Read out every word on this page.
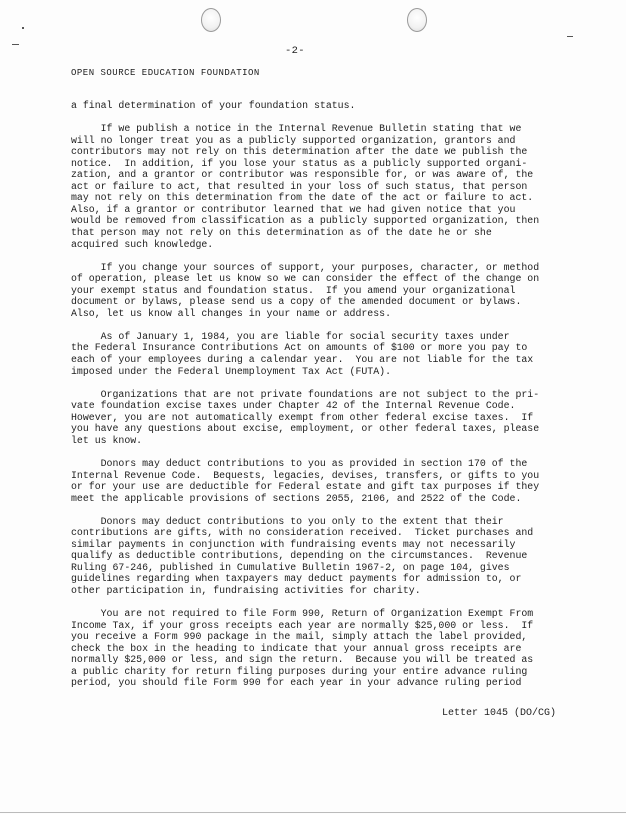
-2-
OPEN SOURCE EDUCATION FOUNDATION
a final determination of your foundation status.
If we publish a notice in the Internal Revenue Bulletin stating that we
will no longer treat you as a publicly supported organization, grantors and
contributors may not rely on this determination after the date we publish the
notice.  In addition, if you lose your status as a publicly supported organi-
zation, and a grantor or contributor was responsible for, or was aware of, the
act or failure to act, that resulted in your loss of such status, that person
may not rely on this determination from the date of the act or failure to act.
Also, if a grantor or contributor learned that we had given notice that you
would be removed from classification as a publicly supported organization, then
that person may not rely on this determination as of the date he or she
acquired such knowledge.
If you change your sources of support, your purposes, character, or method
of operation, please let us know so we can consider the effect of the change on
your exempt status and foundation status.  If you amend your organizational
document or bylaws, please send us a copy of the amended document or bylaws.
Also, let us know all changes in your name or address.
As of January 1, 1984, you are liable for social security taxes under
the Federal Insurance Contributions Act on amounts of $100 or more you pay to
each of your employees during a calendar year.  You are not liable for the tax
imposed under the Federal Unemployment Tax Act (FUTA).
Organizations that are not private foundations are not subject to the pri-
vate foundation excise taxes under Chapter 42 of the Internal Revenue Code.
However, you are not automatically exempt from other federal excise taxes.  If
you have any questions about excise, employment, or other federal taxes, please
let us know.
Donors may deduct contributions to you as provided in section 170 of the
Internal Revenue Code.  Bequests, legacies, devises, transfers, or gifts to you
or for your use are deductible for Federal estate and gift tax purposes if they
meet the applicable provisions of sections 2055, 2106, and 2522 of the Code.
Donors may deduct contributions to you only to the extent that their
contributions are gifts, with no consideration received.  Ticket purchases and
similar payments in conjunction with fundraising events may not necessarily
qualify as deductible contributions, depending on the circumstances.  Revenue
Ruling 67-246, published in Cumulative Bulletin 1967-2, on page 104, gives
guidelines regarding when taxpayers may deduct payments for admission to, or
other participation in, fundraising activities for charity.
You are not required to file Form 990, Return of Organization Exempt From
Income Tax, if your gross receipts each year are normally $25,000 or less.  If
you receive a Form 990 package in the mail, simply attach the label provided,
check the box in the heading to indicate that your annual gross receipts are
normally $25,000 or less, and sign the return.  Because you will be treated as
a public charity for return filing purposes during your entire advance ruling
period, you should file Form 990 for each year in your advance ruling period
Letter 1045 (DO/CG)
